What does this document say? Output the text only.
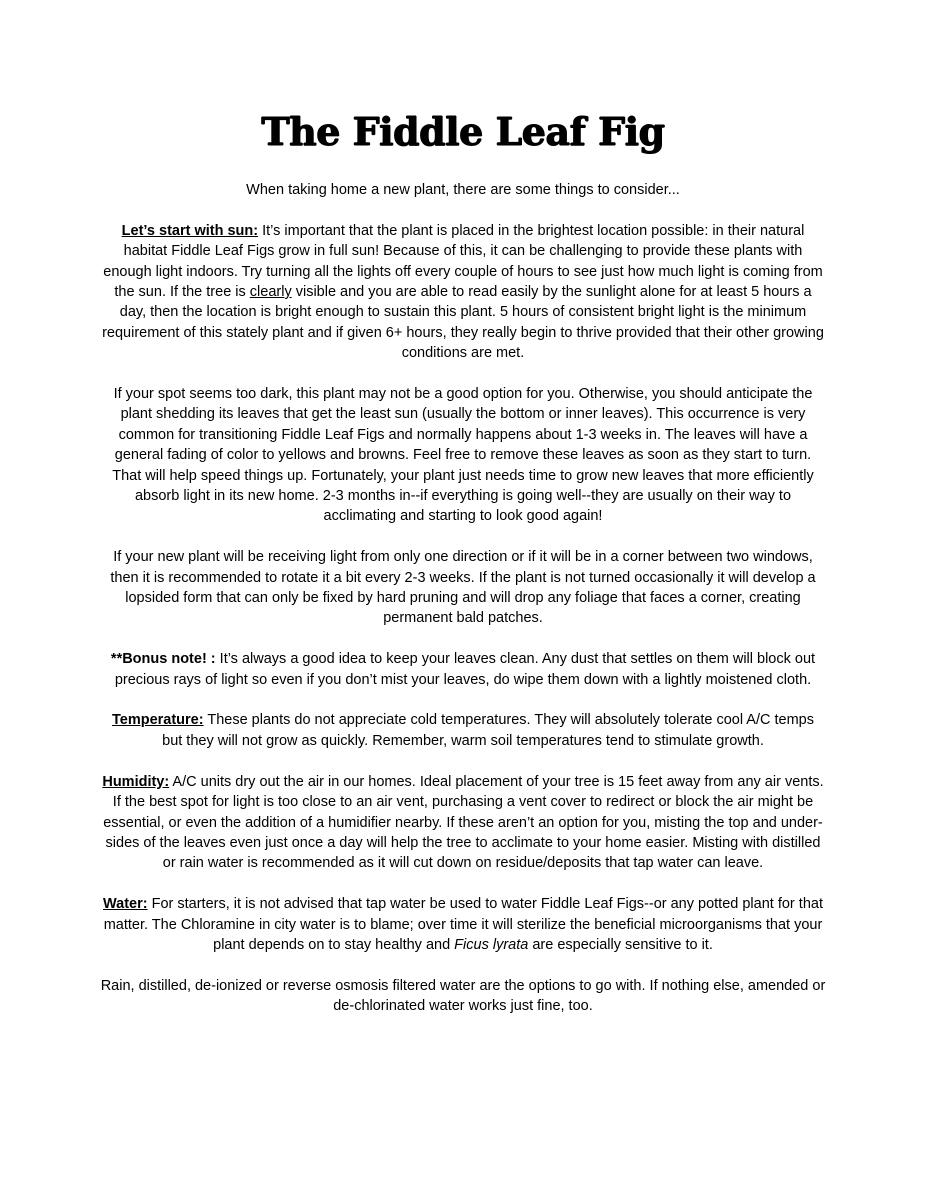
The Fiddle Leaf Fig

When taking home a new plant, there are some things to consider...

Let’s start with sun: It’s important that the plant is placed in the brightest location possible: in their natural habitat Fiddle Leaf Figs grow in full sun! Because of this, it can be challenging to provide these plants with enough light indoors. Try turning all the lights off every couple of hours to see just how much light is coming from the sun. If the tree is clearly visible and you are able to read easily by the sunlight alone for at least 5 hours a day, then the location is bright enough to sustain this plant. 5 hours of consistent bright light is the minimum requirement of this stately plant and if given 6+ hours, they really begin to thrive provided that their other growing conditions are met.

If your spot seems too dark, this plant may not be a good option for you. Otherwise, you should anticipate the plant shedding its leaves that get the least sun (usually the bottom or inner leaves). This occurrence is very common for transitioning Fiddle Leaf Figs and normally happens about 1-3 weeks in. The leaves will have a general fading of color to yellows and browns. Feel free to remove these leaves as soon as they start to turn. That will help speed things up. Fortunately, your plant just needs time to grow new leaves that more efficiently absorb light in its new home. 2-3 months in--if everything is going well--they are usually on their way to acclimating and starting to look good again!

If your new plant will be receiving light from only one direction or if it will be in a corner between two windows, then it is recommended to rotate it a bit every 2-3 weeks. If the plant is not turned occasionally it will develop a lopsided form that can only be fixed by hard pruning and will drop any foliage that faces a corner, creating permanent bald patches.

**Bonus note! : It’s always a good idea to keep your leaves clean. Any dust that settles on them will block out precious rays of light so even if you don’t mist your leaves, do wipe them down with a lightly moistened cloth.

Temperature: These plants do not appreciate cold temperatures. They will absolutely tolerate cool A/C temps but they will not grow as quickly. Remember, warm soil temperatures tend to stimulate growth.

Humidity: A/C units dry out the air in our homes. Ideal placement of your tree is 15 feet away from any air vents. If the best spot for light is too close to an air vent, purchasing a vent cover to redirect or block the air might be essential, or even the addition of a humidifier nearby. If these aren’t an option for you, misting the top and under-sides of the leaves even just once a day will help the tree to acclimate to your home easier. Misting with distilled or rain water is recommended as it will cut down on residue/deposits that tap water can leave.

Water: For starters, it is not advised that tap water be used to water Fiddle Leaf Figs--or any potted plant for that matter. The Chloramine in city water is to blame; over time it will sterilize the beneficial microorganisms that your plant depends on to stay healthy and Ficus lyrata are especially sensitive to it.

Rain, distilled, de-ionized or reverse osmosis filtered water are the options to go with. If nothing else, amended or de-chlorinated water works just fine, too.
